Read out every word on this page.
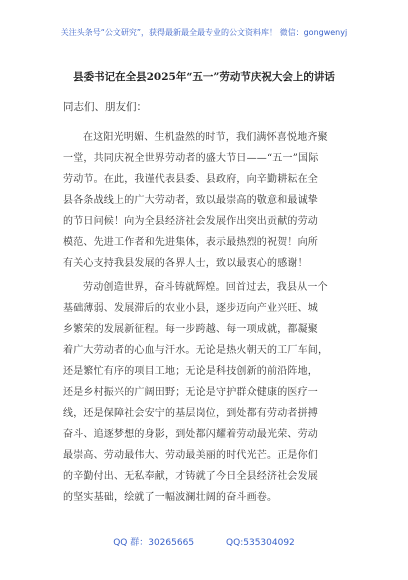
关注头条号“公文研究”，获得最新最全最专业的公文资料库！ 微信：gongwenyj
县委书记在全县2025年“五一”劳动节庆祝大会上的讲话
同志们、朋友们：
在这阳光明媚、生机盎然的时节，我们满怀喜悦地齐聚
一堂，共同庆祝全世界劳动者的盛大节日——“五一”国际
劳动节。在此，我谨代表县委、县政府，向辛勤耕耘在全
县各条战线上的广大劳动者，致以最崇高的敬意和最诚挚
的节日问候！向为全县经济社会发展作出突出贡献的劳动
模范、先进工作者和先进集体，表示最热烈的祝贺！向所
有关心支持我县发展的各界人士，致以最衷心的感谢！
劳动创造世界，奋斗铸就辉煌。回首过去，我县从一个
基础薄弱、发展滞后的农业小县，逐步迈向产业兴旺、城
乡繁荣的发展新征程。每一步跨越、每一项成就，都凝聚
着广大劳动者的心血与汗水。无论是热火朝天的工厂车间，
还是繁忙有序的项目工地；无论是科技创新的前沿阵地，
还是乡村振兴的广阔田野；无论是守护群众健康的医疗一
线，还是保障社会安宁的基层岗位，到处都有劳动者拼搏
奋斗、追逐梦想的身影，到处都闪耀着劳动最光荣、劳动
最崇高、劳动最伟大、劳动最美丽的时代光芒。正是你们
的辛勤付出、无私奉献，才铸就了今日全县经济社会发展
的坚实基础，绘就了一幅波澜壮阔的奋斗画卷。
QQ 群：30265665	QQ:535304092
